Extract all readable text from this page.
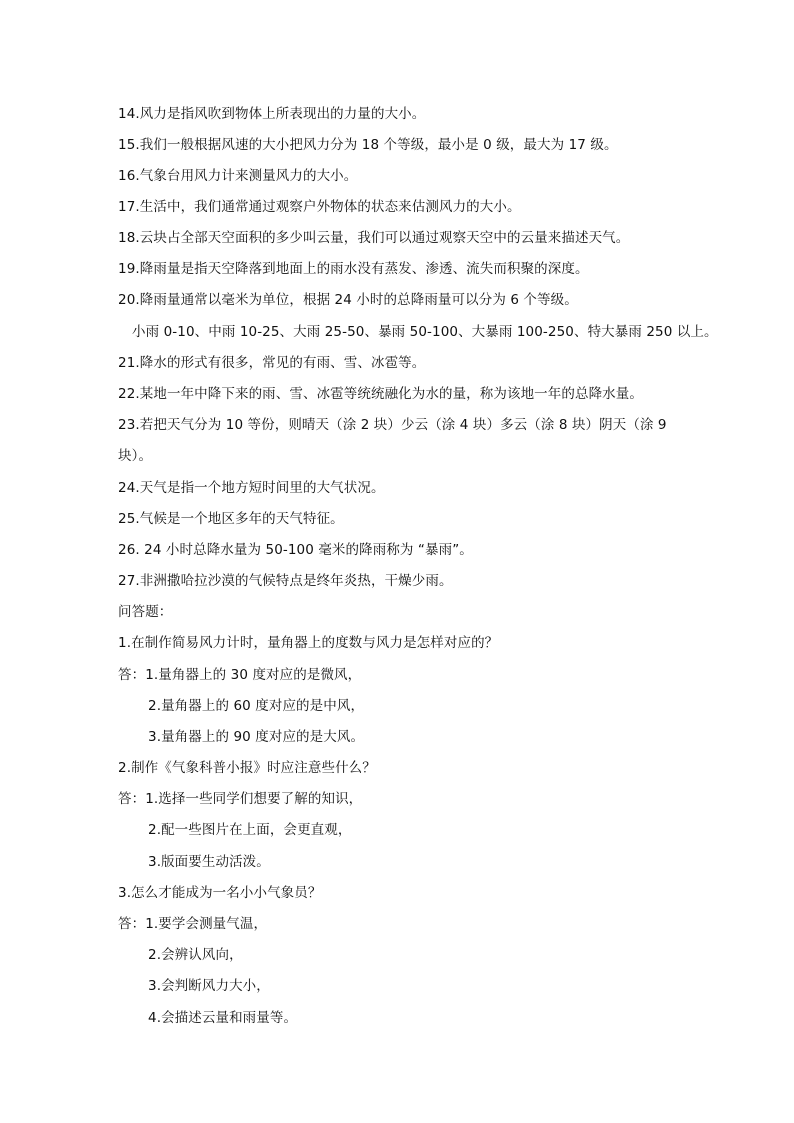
14.风力是指风吹到物体上所表现出的力量的大小。
15.我们一般根据风速的大小把风力分为 18 个等级，最小是 0 级，最大为 17 级。
16.气象台用风力计来测量风力的大小。
17.生活中，我们通常通过观察户外物体的状态来估测风力的大小。
18.云块占全部天空面积的多少叫云量，我们可以通过观察天空中的云量来描述天气。
19.降雨量是指天空降落到地面上的雨水没有蒸发、渗透、流失而积聚的深度。
20.降雨量通常以毫米为单位，根据 24 小时的总降雨量可以分为 6 个等级。
小雨 0-10、中雨 10-25、大雨 25-50、暴雨 50-100、大暴雨 100-250、特大暴雨 250 以上。
21.降水的形式有很多，常见的有雨、雪、冰雹等。
22.某地一年中降下来的雨、雪、冰雹等统统融化为水的量，称为该地一年的总降水量。
23.若把天气分为 10 等份，则晴天（涂 2 块）少云（涂 4 块）多云（涂 8 块）阴天（涂 9
块）。
24.天气是指一个地方短时间里的大气状况。
25.气候是一个地区多年的天气特征。
26. 24 小时总降水量为 50-100 毫米的降雨称为 “暴雨”。
27.非洲撒哈拉沙漠的气候特点是终年炎热，干燥少雨。
问答题：
1.在制作简易风力计时，量角器上的度数与风力是怎样对应的？
答：1.量角器上的 30 度对应的是微风，
2.量角器上的 60 度对应的是中风，
3.量角器上的 90 度对应的是大风。
2.制作《气象科普小报》时应注意些什么？
答：1.选择一些同学们想要了解的知识，
2.配一些图片在上面，会更直观，
3.版面要生动活泼。
3.怎么才能成为一名小小气象员？
答：1.要学会测量气温，
2.会辨认风向，
3.会判断风力大小，
4.会描述云量和雨量等。
